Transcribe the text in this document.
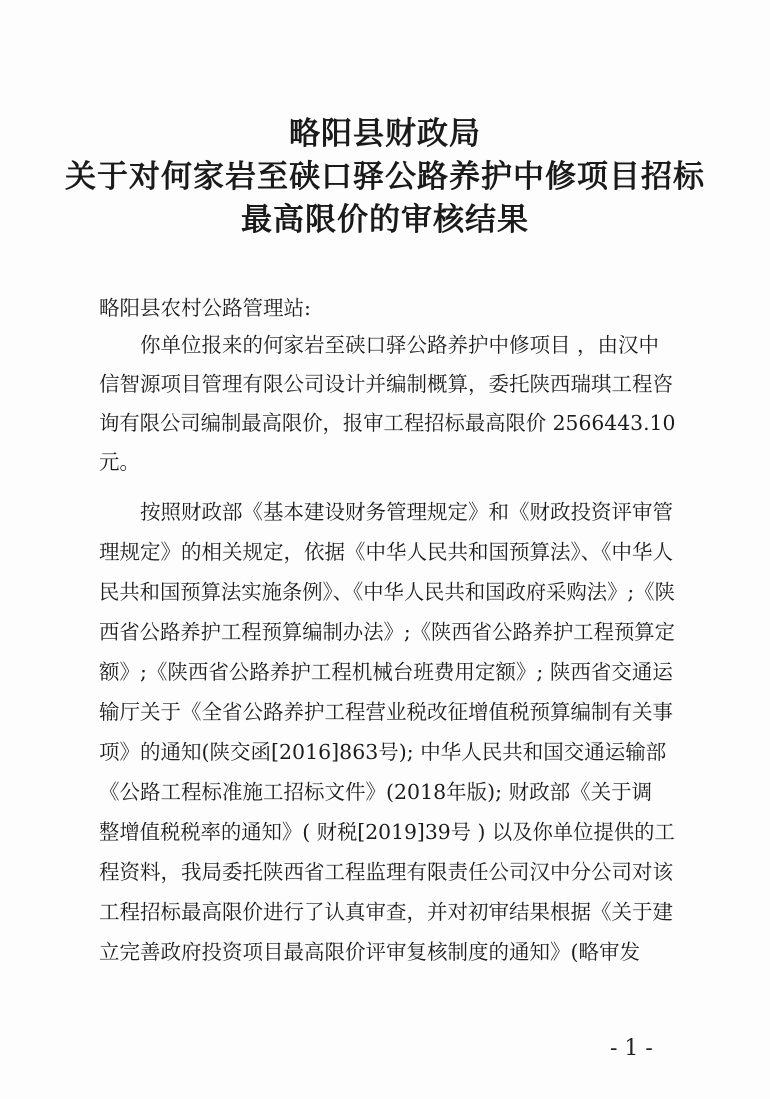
略阳县财政局
关于对何家岩至硖口驿公路养护中修项目招标
最高限价的审核结果
略阳县农村公路管理站:
你单位报来的何家岩至硖口驿公路养护中修项目 ，由汉中
信智源项目管理有限公司设计并编制概算，委托陕西瑞琪工程咨
询有限公司编制最高限价，报审工程招标最高限价 2566443.10
元。
按照财政部《基本建设财务管理规定》和《财政投资评审管
理规定》的相关规定，依据《中华人民共和国预算法》、《中华人
民共和国预算法实施条例》、《中华人民共和国政府采购法》;《陕
西省公路养护工程预算编制办法》;《陕西省公路养护工程预算定
额》;《陕西省公路养护工程机械台班费用定额》; 陕西省交通运
输厅关于《全省公路养护工程营业税改征增值税预算编制有关事
项》的通知(陕交函[2016]863号); 中华人民共和国交通运输部
《公路工程标准施工招标文件》(2018年版); 财政部《关于调
整增值税税率的通知》( 财税[2019]39号 ) 以及你单位提供的工
程资料，我局委托陕西省工程监理有限责任公司汉中分公司对该
工程招标最高限价进行了认真审查，并对初审结果根据《关于建
立完善政府投资项目最高限价评审复核制度的通知》(略审发
- 1 -
